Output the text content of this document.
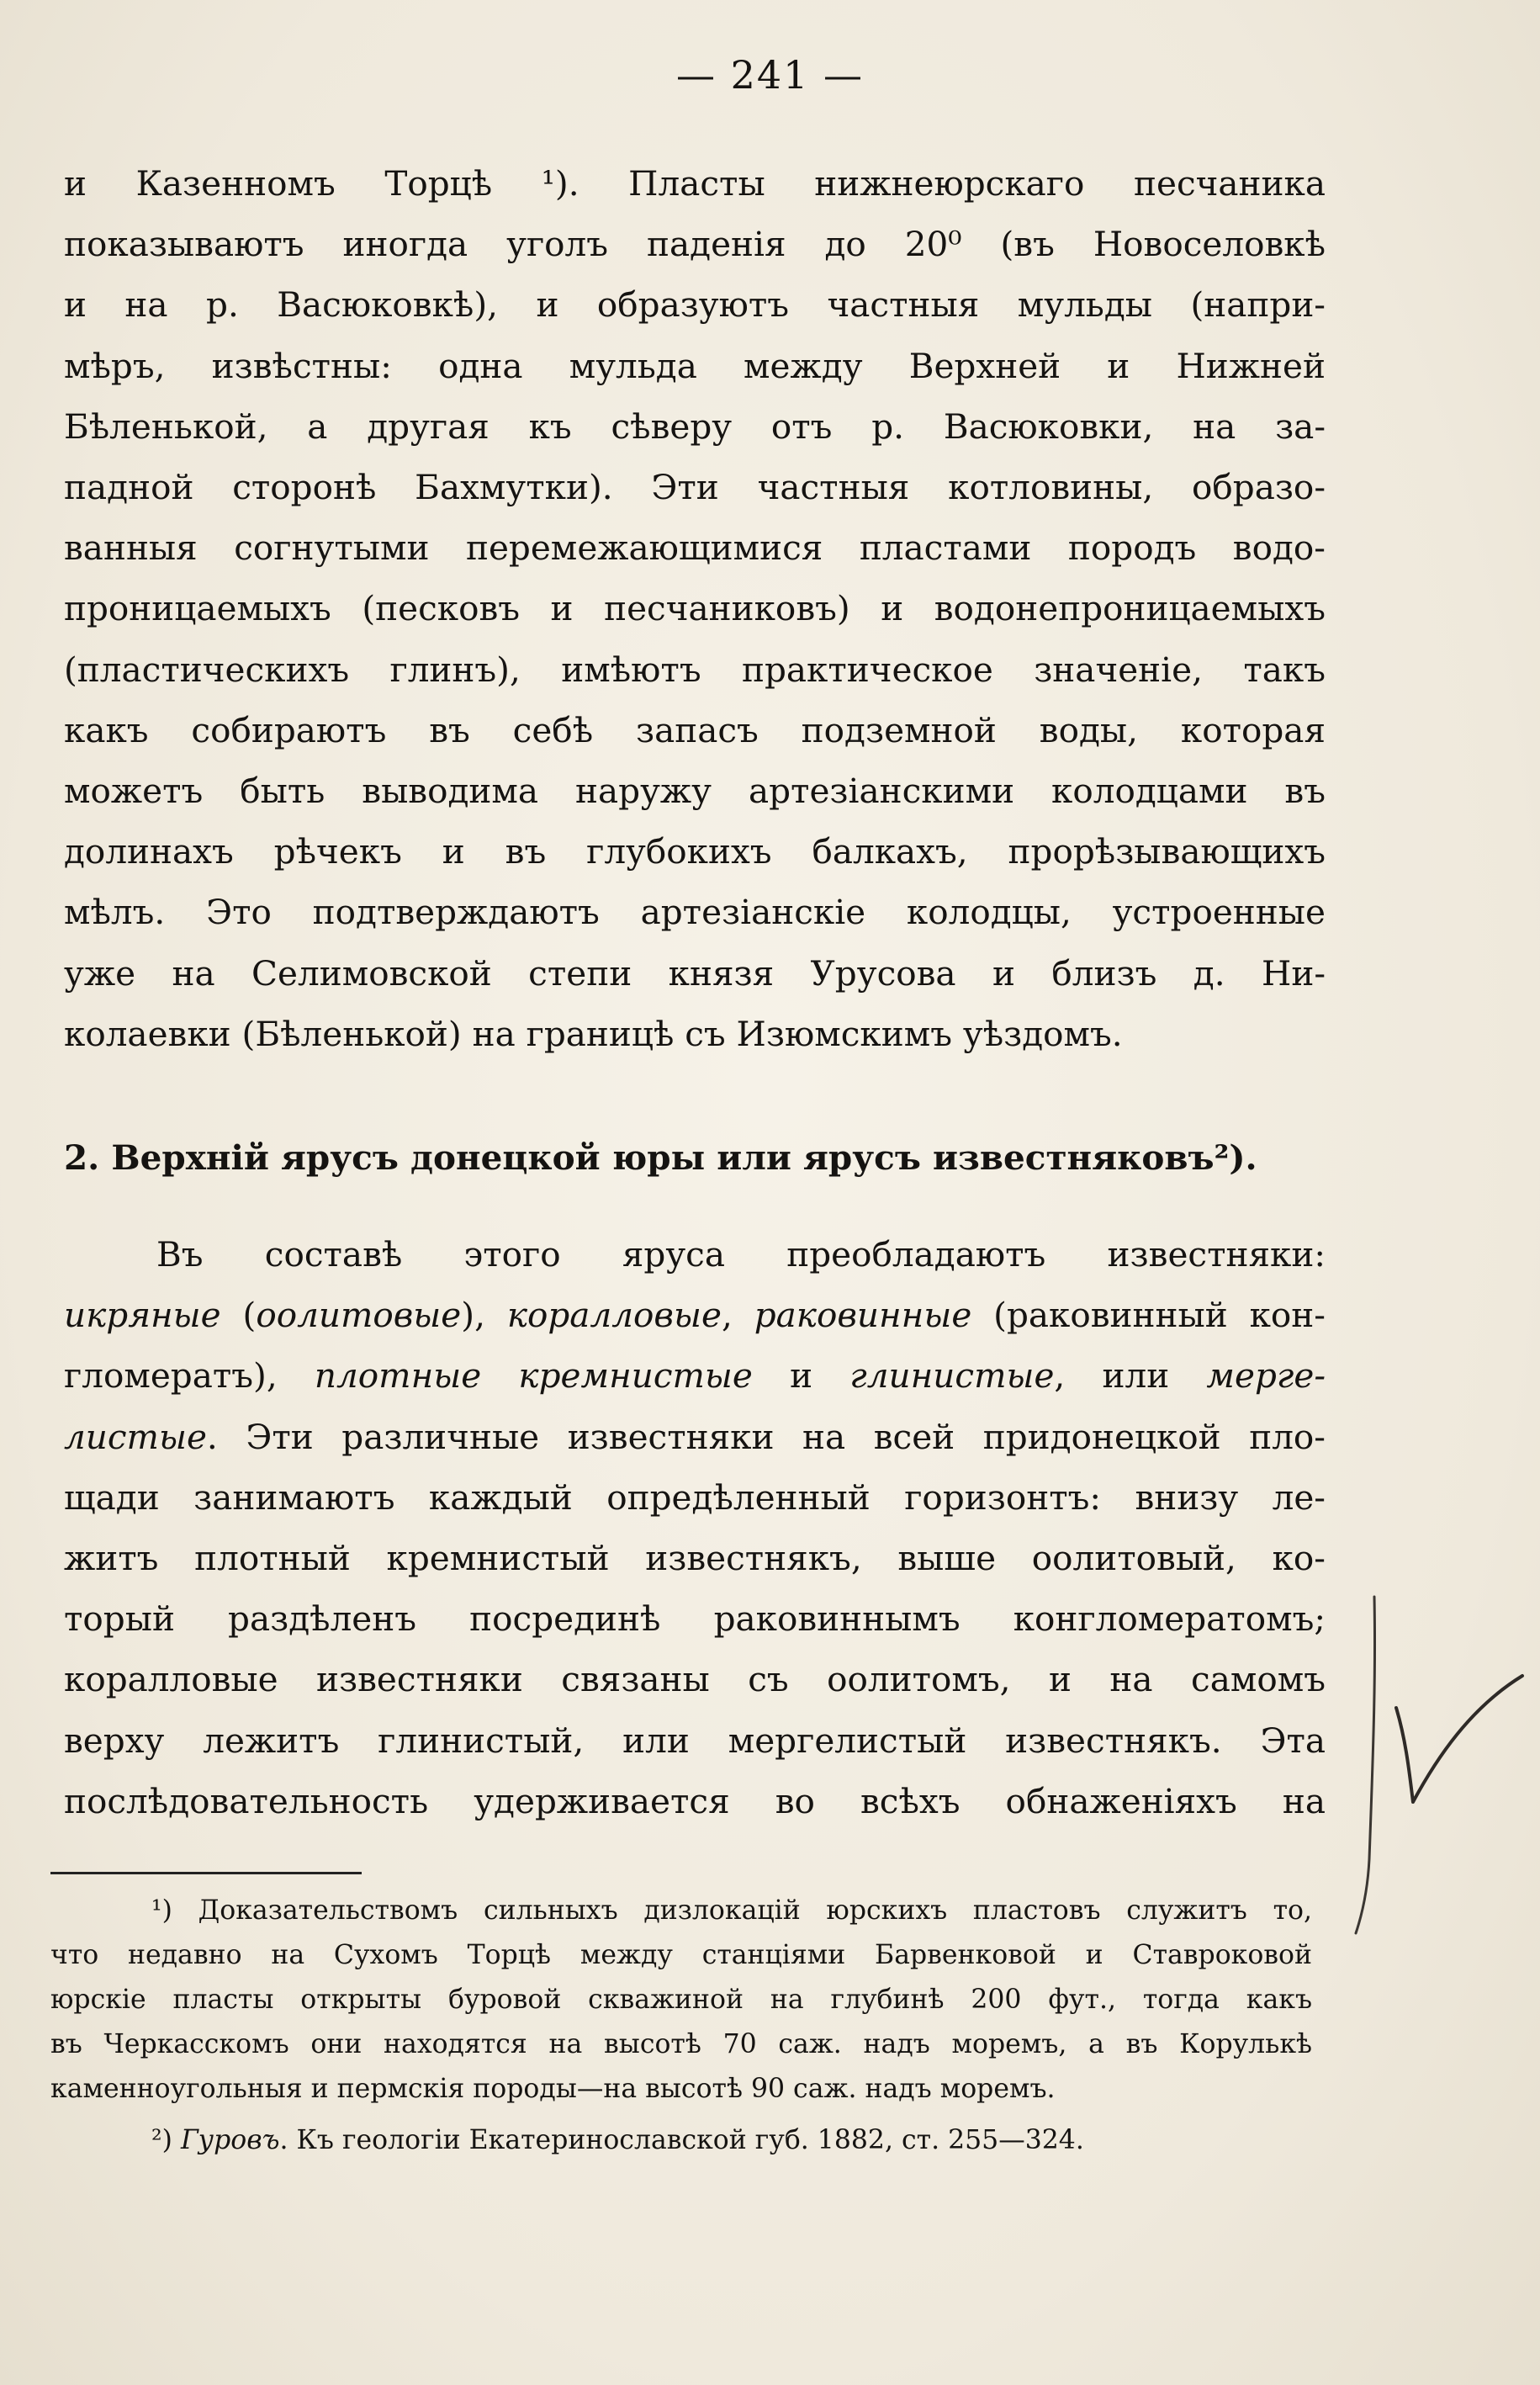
— 241 —
и Казенномъ Торцѣ ¹). Пласты нижнеюрскаго песчаника
показываютъ иногда уголъ паденія до 20⁰ (въ Новоселовкѣ
и на р. Васюковкѣ), и образуютъ частныя мульды (напри-
мѣръ, извѣстны: одна мульда между Верхней и Нижней
Бѣленькой, а другая къ сѣверу отъ р. Васюковки, на за-
падной сторонѣ Бахмутки). Эти частныя котловины, образо-
ванныя согнутыми перемежающимися пластами породъ водо-
проницаемыхъ (песковъ и песчаниковъ) и водонепроницаемыхъ
(пластическихъ глинъ), имѣютъ практическое значеніе, такъ
какъ собираютъ въ себѣ запасъ подземной воды, которая
можетъ быть выводима наружу артезіанскими колодцами въ
долинахъ рѣчекъ и въ глубокихъ балкахъ, прорѣзывающихъ
мѣлъ. Это подтверждаютъ артезіанскіе колодцы, устроенные
уже на Селимовской степи князя Урусова и близъ д. Ни-
колаевки (Бѣленькой) на границѣ съ Изюмскимъ уѣздомъ.
2. Верхній ярусъ донецкой юры или ярусъ известняковъ²).
Въ составѣ этого яруса преобладаютъ известняки:
икряные (оолитовые), коралловые, раковинные (раковинный кон-
гломератъ), плотные кремнистые и глинистые, или мерге-
листые. Эти различные известняки на всей придонецкой пло-
щади занимаютъ каждый опредѣленный горизонтъ: внизу ле-
житъ плотный кремнистый известнякъ, выше оолитовый, ко-
торый раздѣленъ посрединѣ раковиннымъ конгломератомъ;
коралловые известняки связаны съ оолитомъ, и на самомъ
верху лежитъ глинистый, или мергелистый известнякъ. Эта
послѣдовательность удерживается во всѣхъ обнаженіяхъ на
¹) Доказательствомъ сильныхъ дизлокацій юрскихъ пластовъ служитъ то,
что недавно на Сухомъ Торцѣ между станціями Барвенковой и Ставроковой
юрскіе пласты открыты буровой скважиной на глубинѣ 200 фут., тогда какъ
въ Черкасскомъ они находятся на высотѣ 70 саж. надъ моремъ, а въ Корулькѣ
каменноугольныя и пермскія породы—на высотѣ 90 саж. надъ моремъ.
²) Гуровъ. Къ геологіи Екатеринославской губ. 1882, ст. 255—324.
